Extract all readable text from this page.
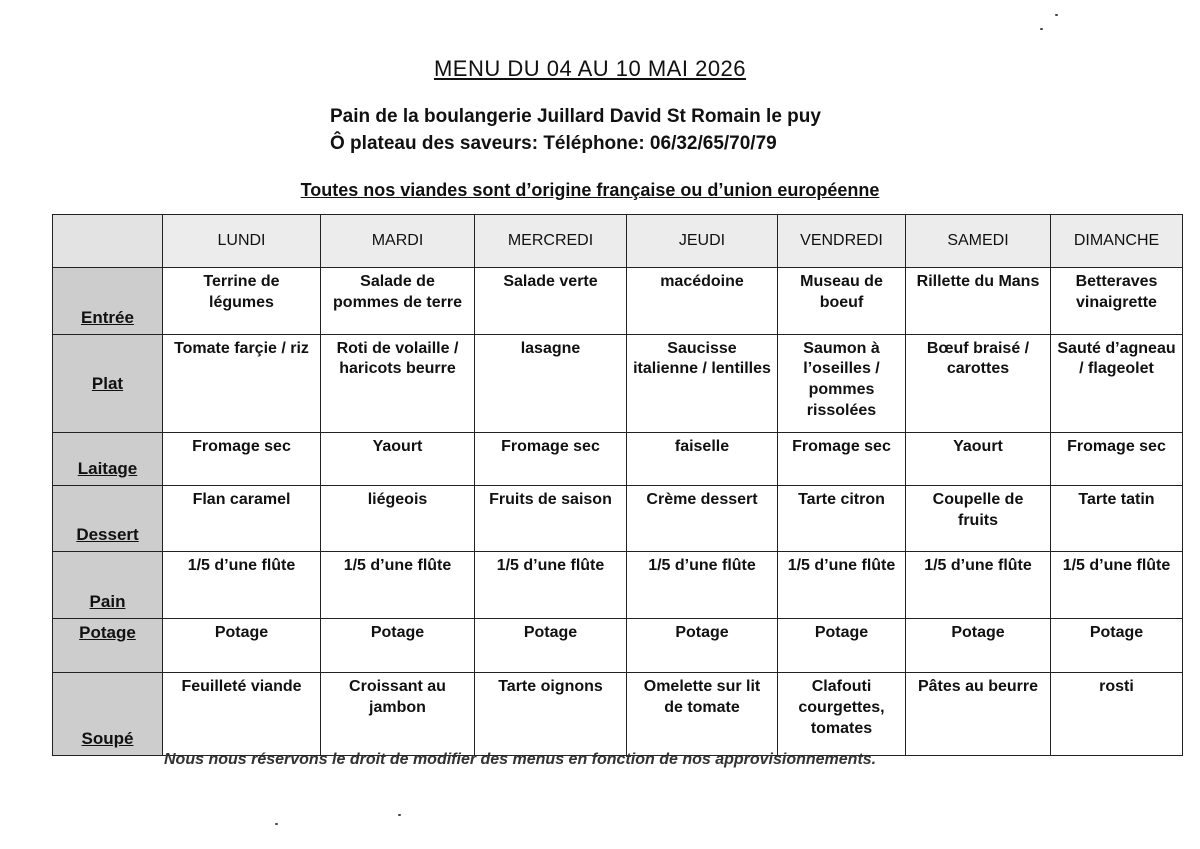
MENU DU 04 AU 10 MAI 2026
Pain de la boulangerie Juillard David St Romain le puy
Ô plateau des saveurs: Téléphone: 06/32/65/70/79
Toutes nos viandes sont d’origine française ou d’union européenne
	LUNDI	MARDI	MERCREDI	JEUDI	VENDREDI	SAMEDI	DIMANCHE
Entrée	Terrine de légumes	Salade de pommes de terre	Salade verte	macédoine	Museau de boeuf	Rillette du Mans	Betteraves vinaigrette
Plat	Tomate farçie / riz	Roti de volaille / haricots beurre	lasagne	Saucisse italienne / lentilles	Saumon à l’oseilles / pommes rissolées	Bœuf braisé / carottes	Sauté d’agneau / flageolet
Laitage	Fromage sec	Yaourt	Fromage sec	faiselle	Fromage sec	Yaourt	Fromage sec
Dessert	Flan caramel	liégeois	Fruits de saison	Crème dessert	Tarte citron	Coupelle de fruits	Tarte tatin
Pain	1/5 d’une flûte	1/5 d’une flûte	1/5 d’une flûte	1/5 d’une flûte	1/5 d’une flûte	1/5 d’une flûte	1/5 d’une flûte
Potage	Potage	Potage	Potage	Potage	Potage	Potage	Potage
Soupé	Feuilleté viande	Croissant au jambon	Tarte oignons	Omelette sur lit de tomate	Clafouti courgettes, tomates	Pâtes au beurre	rosti
Nous nous réservons le droit de modifier des menus en fonction de nos approvisionnements.
